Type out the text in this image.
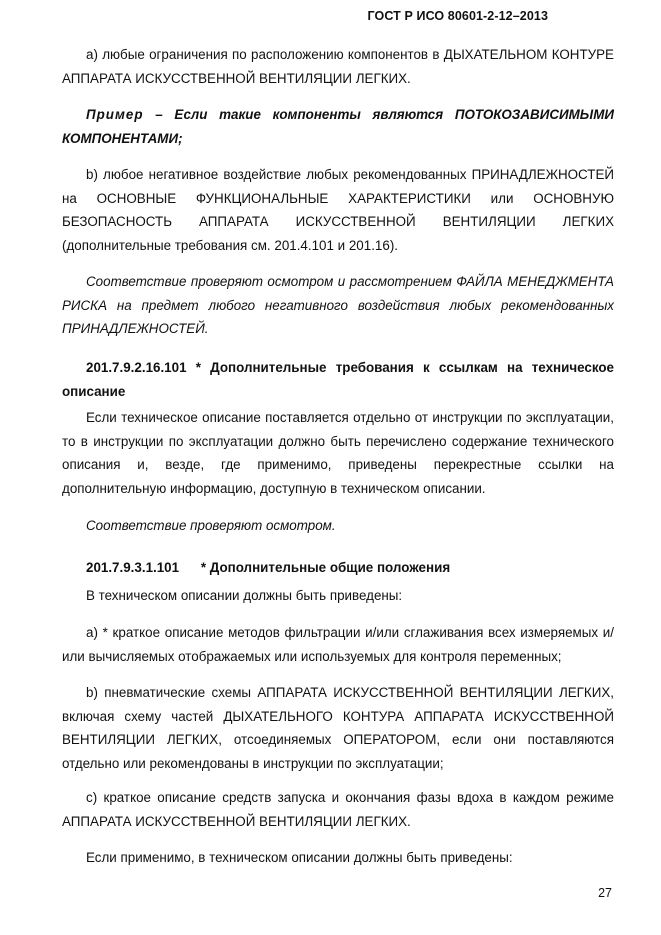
ГОСТ Р ИСО 80601-2-12–2013
а) любые ограничения по расположению компонентов в ДЫХАТЕЛЬНОМ КОНТУРЕ АППАРАТА ИСКУССТВЕННОЙ ВЕНТИЛЯЦИИ ЛЕГКИХ.
Пример – Если такие компоненты являются ПОТОКОЗАВИСИМЫМИ КОМПОНЕНТАМИ;
b) любое негативное воздействие любых рекомендованных ПРИНАДЛЕЖНОСТЕЙ на ОСНОВНЫЕ ФУНКЦИОНАЛЬНЫЕ ХАРАКТЕРИСТИКИ или ОСНОВНУЮ БЕЗОПАСНОСТЬ АППАРАТА ИСКУССТВЕННОЙ ВЕНТИЛЯЦИИ ЛЕГКИХ (дополнительные требования см. 201.4.101 и 201.16).
Соответствие проверяют осмотром и рассмотрением ФАЙЛА МЕНЕДЖМЕНТА РИСКА на предмет любого негативного воздействия любых рекомендованных ПРИНАДЛЕЖНОСТЕЙ.
201.7.9.2.16.101 * Дополнительные требования к ссылкам на техническое описание
Если техническое описание поставляется отдельно от инструкции по эксплуатации, то в инструкции по эксплуатации должно быть перечислено содержание технического описания и, везде, где применимо, приведены перекрестные ссылки на дополнительную информацию, доступную в техническом описании.
Соответствие проверяют осмотром.
201.7.9.3.1.101 * Дополнительные общие положения
В техническом описании должны быть приведены:
а) * краткое описание методов фильтрации и/или сглаживания всех измеряемых и/или вычисляемых отображаемых или используемых для контроля переменных;
b) пневматические схемы АППАРАТА ИСКУССТВЕННОЙ ВЕНТИЛЯЦИИ ЛЕГКИХ, включая схему частей ДЫХАТЕЛЬНОГО КОНТУРА АППАРАТА ИСКУССТВЕННОЙ ВЕНТИЛЯЦИИ ЛЕГКИХ, отсоединяемых ОПЕРАТОРОМ, если они поставляются отдельно или рекомендованы в инструкции по эксплуатации;
с) краткое описание средств запуска и окончания фазы вдоха в каждом режиме АППАРАТА ИСКУССТВЕННОЙ ВЕНТИЛЯЦИИ ЛЕГКИХ.
Если применимо, в техническом описании должны быть приведены:
27
